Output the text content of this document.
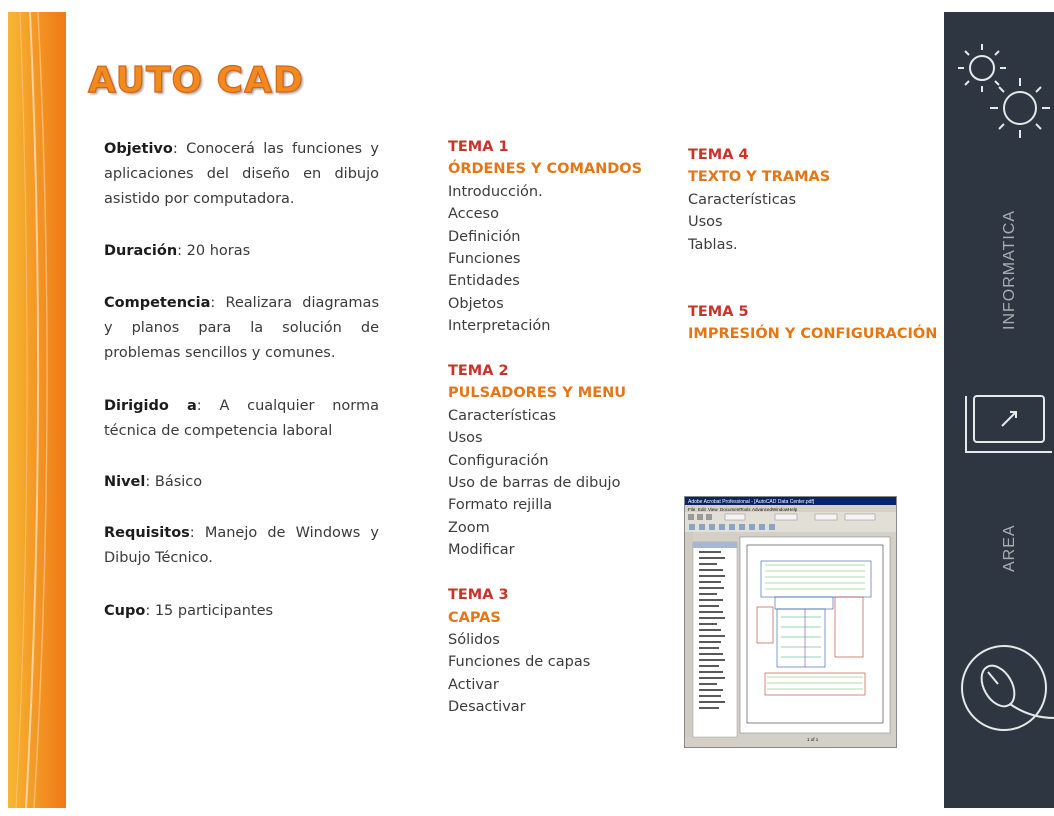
INFORMATICA
AREA
AUTO CAD
Objetivo: Conocerá las funciones y aplicaciones del diseño en dibujo asistido por computadora.
Duración: 20 horas
Competencia: Realizara diagramas y planos para la solución de problemas sencillos y comunes.
Dirigido a: A cualquier norma técnica de competencia laboral
Nivel: Básico
Requisitos: Manejo de Windows y Dibujo Técnico.
Cupo: 15 participantes
TEMA 1
ÓRDENES Y COMANDOS
Introducción.
Acceso
Definición
Funciones
Entidades
Objetos
Interpretación
TEMA 2
PULSADORES Y MENU
Características
Usos
Configuración
Uso de barras de dibujo
Formato rejilla
Zoom
Modificar
TEMA 3
CAPAS
Sólidos
Funciones de capas
Activar
Desactivar
TEMA 4
TEXTO Y TRAMAS
Características
Usos
Tablas.
TEMA 5
IMPRESIÓN Y CONFIGURACIÓN
Adobe Acrobat Professional - [AutoCAD Data Center.pdf]
File Edit View Document Tools Advanced Window Help
1 of 1
